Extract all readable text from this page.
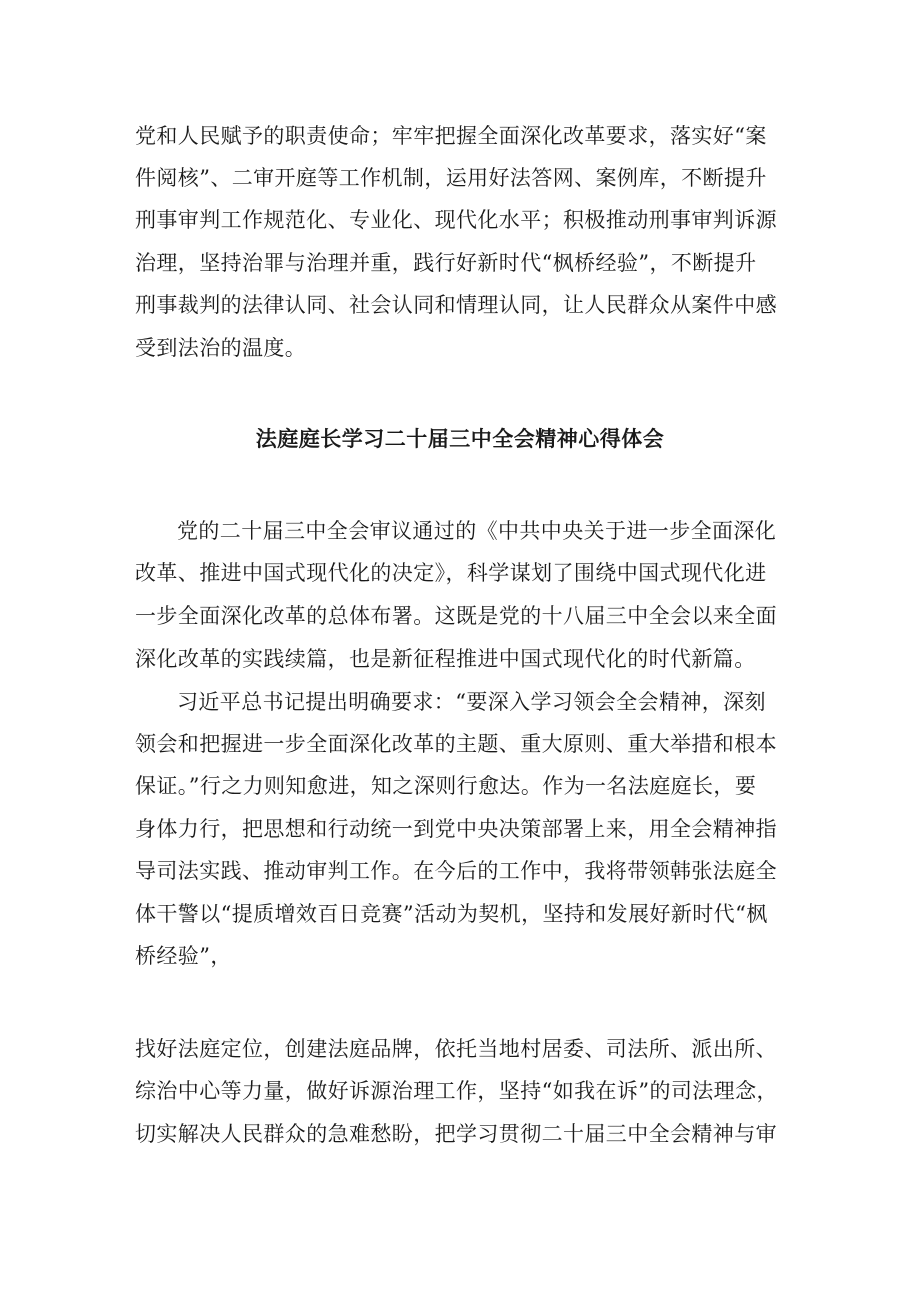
党和人民赋予的职责使命；牢牢把握全面深化改革要求，落实好“案
件阅核”、二审开庭等工作机制，运用好法答网、案例库，不断提升
刑事审判工作规范化、专业化、现代化水平；积极推动刑事审判诉源
治理，坚持治罪与治理并重，践行好新时代“枫桥经验”，不断提升
刑事裁判的法律认同、社会认同和情理认同，让人民群众从案件中感
受到法治的温度。
法庭庭长学习二十届三中全会精神心得体会
党的二十届三中全会审议通过的《中共中央关于进一步全面深化
改革、推进中国式现代化的决定》，科学谋划了围绕中国式现代化进
一步全面深化改革的总体布署。这既是党的十八届三中全会以来全面
深化改革的实践续篇，也是新征程推进中国式现代化的时代新篇。
习近平总书记提出明确要求：“要深入学习领会全会精神，深刻
领会和把握进一步全面深化改革的主题、重大原则、重大举措和根本
保证。”行之力则知愈进，知之深则行愈达。作为一名法庭庭长，要
身体力行，把思想和行动统一到党中央决策部署上来，用全会精神指
导司法实践、推动审判工作。在今后的工作中，我将带领韩张法庭全
体干警以“提质增效百日竞赛”活动为契机，坚持和发展好新时代“枫
桥经验”，
找好法庭定位，创建法庭品牌，依托当地村居委、司法所、派出所、
综治中心等力量，做好诉源治理工作，坚持“如我在诉”的司法理念，
切实解决人民群众的急难愁盼，把学习贯彻二十届三中全会精神与审
